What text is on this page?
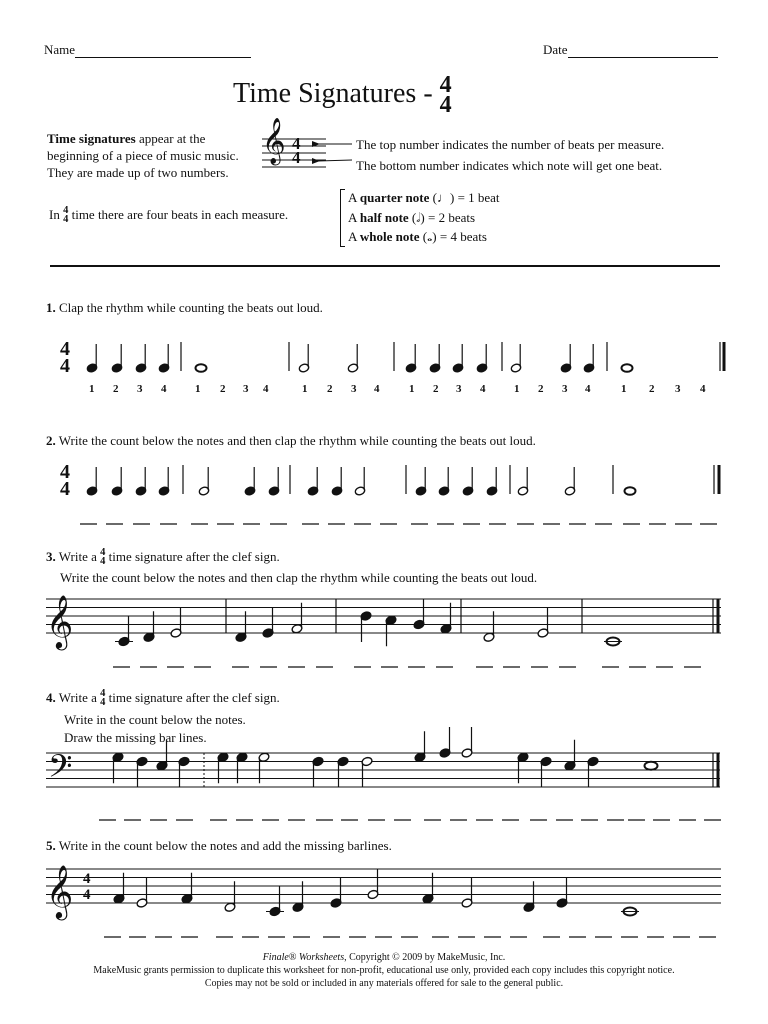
Name	Date
Time Signatures - 4
4
Time signatures appear at the beginning of a piece of music music. They are made up of two numbers.
𝄞 4
4
The top number indicates the number of beats per measure.
The bottom number indicates which note will get one beat.
In 4
4 time there are four beats in each measure.
A quarter note (♩) = 1 beat
A half note (𝅗𝅥) = 2 beats
A whole note (𝅝) = 4 beats
1. Clap the rhythm while counting the beats out loud.
2. Write the count below the notes and then clap the rhythm while counting the beats out loud.
3. Write a 4
4 time signature after the clef sign.
Write the count below the notes and then clap the rhythm while counting the beats out loud.
4. Write a 4
4 time signature after the clef sign.
Write in the count below the notes.
Draw the missing bar lines.
5. Write in the count below the notes and add the missing barlines.
4
4
4
4
𝄞
𝄢
𝄞 4
4
1 2 3 4	1 2 3 4	1 2 3 4	1 2 3 4	1 2 3 4	1 2 3 4
Finale® Worksheets, Copyright © 2009 by MakeMusic, Inc.
MakeMusic grants permission to duplicate this worksheet for non-profit, educational use only, provided each copy includes this copyright notice.
Copies may not be sold or included in any materials offered for sale to the general public.
